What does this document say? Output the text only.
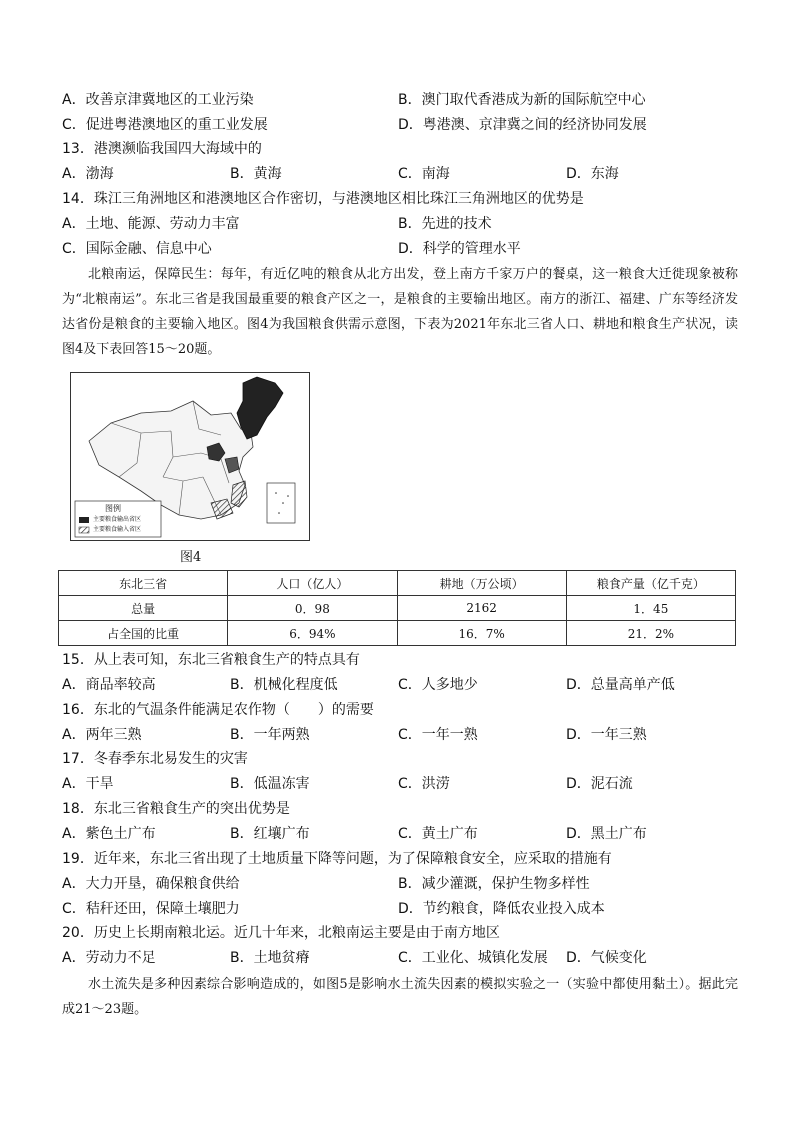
A．改善京津冀地区的工业污染	B．澳门取代香港成为新的国际航空中心
C．促进粤港澳地区的重工业发展	D．粤港澳、京津冀之间的经济协同发展
13．港澳濒临我国四大海域中的
A．渤海	B．黄海	C．南海	D．东海
14．珠江三角洲地区和港澳地区合作密切，与港澳地区相比珠江三角洲地区的优势是
A．土地、能源、劳动力丰富	B．先进的技术
C．国际金融、信息中心	D．科学的管理水平

北粮南运，保障民生：每年，有近亿吨的粮食从北方出发，登上南方千家万户的餐桌，这一粮食大迁徙现象被称为“北粮南运”。东北三省是我国最重要的粮食产区之一，是粮食的主要输出地区。南方的浙江、福建、广东等经济发达省份是粮食的主要输入地区。图4为我国粮食供需示意图，下表为2021年东北三省人口、耕地和粮食生产状况，读图4及下表回答15～20题。

图例
主要粮食输出省区
主要粮食输入省区
图4
东北三省	人口（亿人）	耕地（万公顷）	粮食产量（亿千克）
总量	0．98	2162	1．45
占全国的比重	6．94%	16．7%	21．2%
15．从上表可知，东北三省粮食生产的特点具有
A．商品率较高	B．机械化程度低	C．人多地少	D．总量高单产低
16．东北的气温条件能满足农作物（　　）的需要
A．两年三熟	B．一年两熟	C．一年一熟	D．一年三熟
17．冬春季东北易发生的灾害
A．干旱	B．低温冻害	C．洪涝	D．泥石流
18．东北三省粮食生产的突出优势是
A．紫色土广布	B．红壤广布	C．黄土广布	D．黑土广布
19．近年来，东北三省出现了土地质量下降等问题，为了保障粮食安全，应采取的措施有
A．大力开垦，确保粮食供给	B．减少灌溉，保护生物多样性
C．秸秆还田，保障土壤肥力	D．节约粮食，降低农业投入成本
20．历史上长期南粮北运。近几十年来，北粮南运主要是由于南方地区
A．劳动力不足	B．土地贫瘠	C．工业化、城镇化发展 D．气候变化

水土流失是多种因素综合影响造成的，如图5是影响水土流失因素的模拟实验之一（实验中都使用黏土）。据此完成21～23题。
